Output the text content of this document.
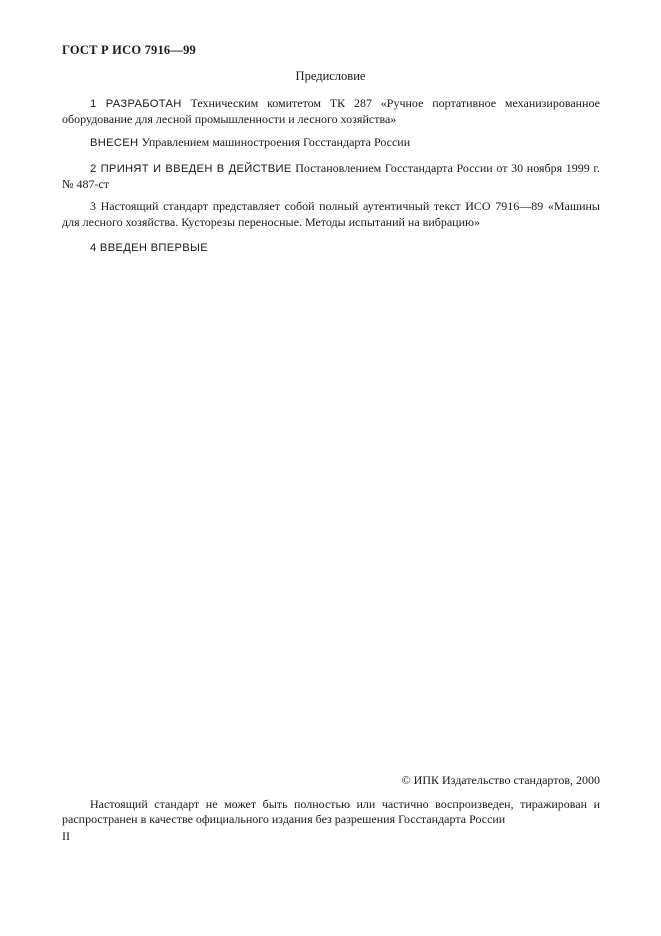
ГОСТ Р ИСО 7916—99
Предисловие

1 РАЗРАБОТАН Техническим комитетом ТК 287 «Ручное портативное механизированное оборудование для лесной промышленности и лесного хозяйства»

ВНЕСЕН Управлением машиностроения Госстандарта России

2 ПРИНЯТ И ВВЕДЕН В ДЕЙСТВИЕ Постановлением Госстандарта России от 30 ноября 1999 г. № 487-ст

3 Настоящий стандарт представляет собой полный аутентичный текст ИСО 7916—89 «Машины для лесного хозяйства. Кусторезы переносные. Методы испытаний на вибрацию»

4 ВВЕДЕН ВПЕРВЫЕ

© ИПК Издательство стандартов, 2000

Настоящий стандарт не может быть полностью или частично воспроизведен, тиражирован и распространен в качестве официального издания без разрешения Госстандарта России

II
